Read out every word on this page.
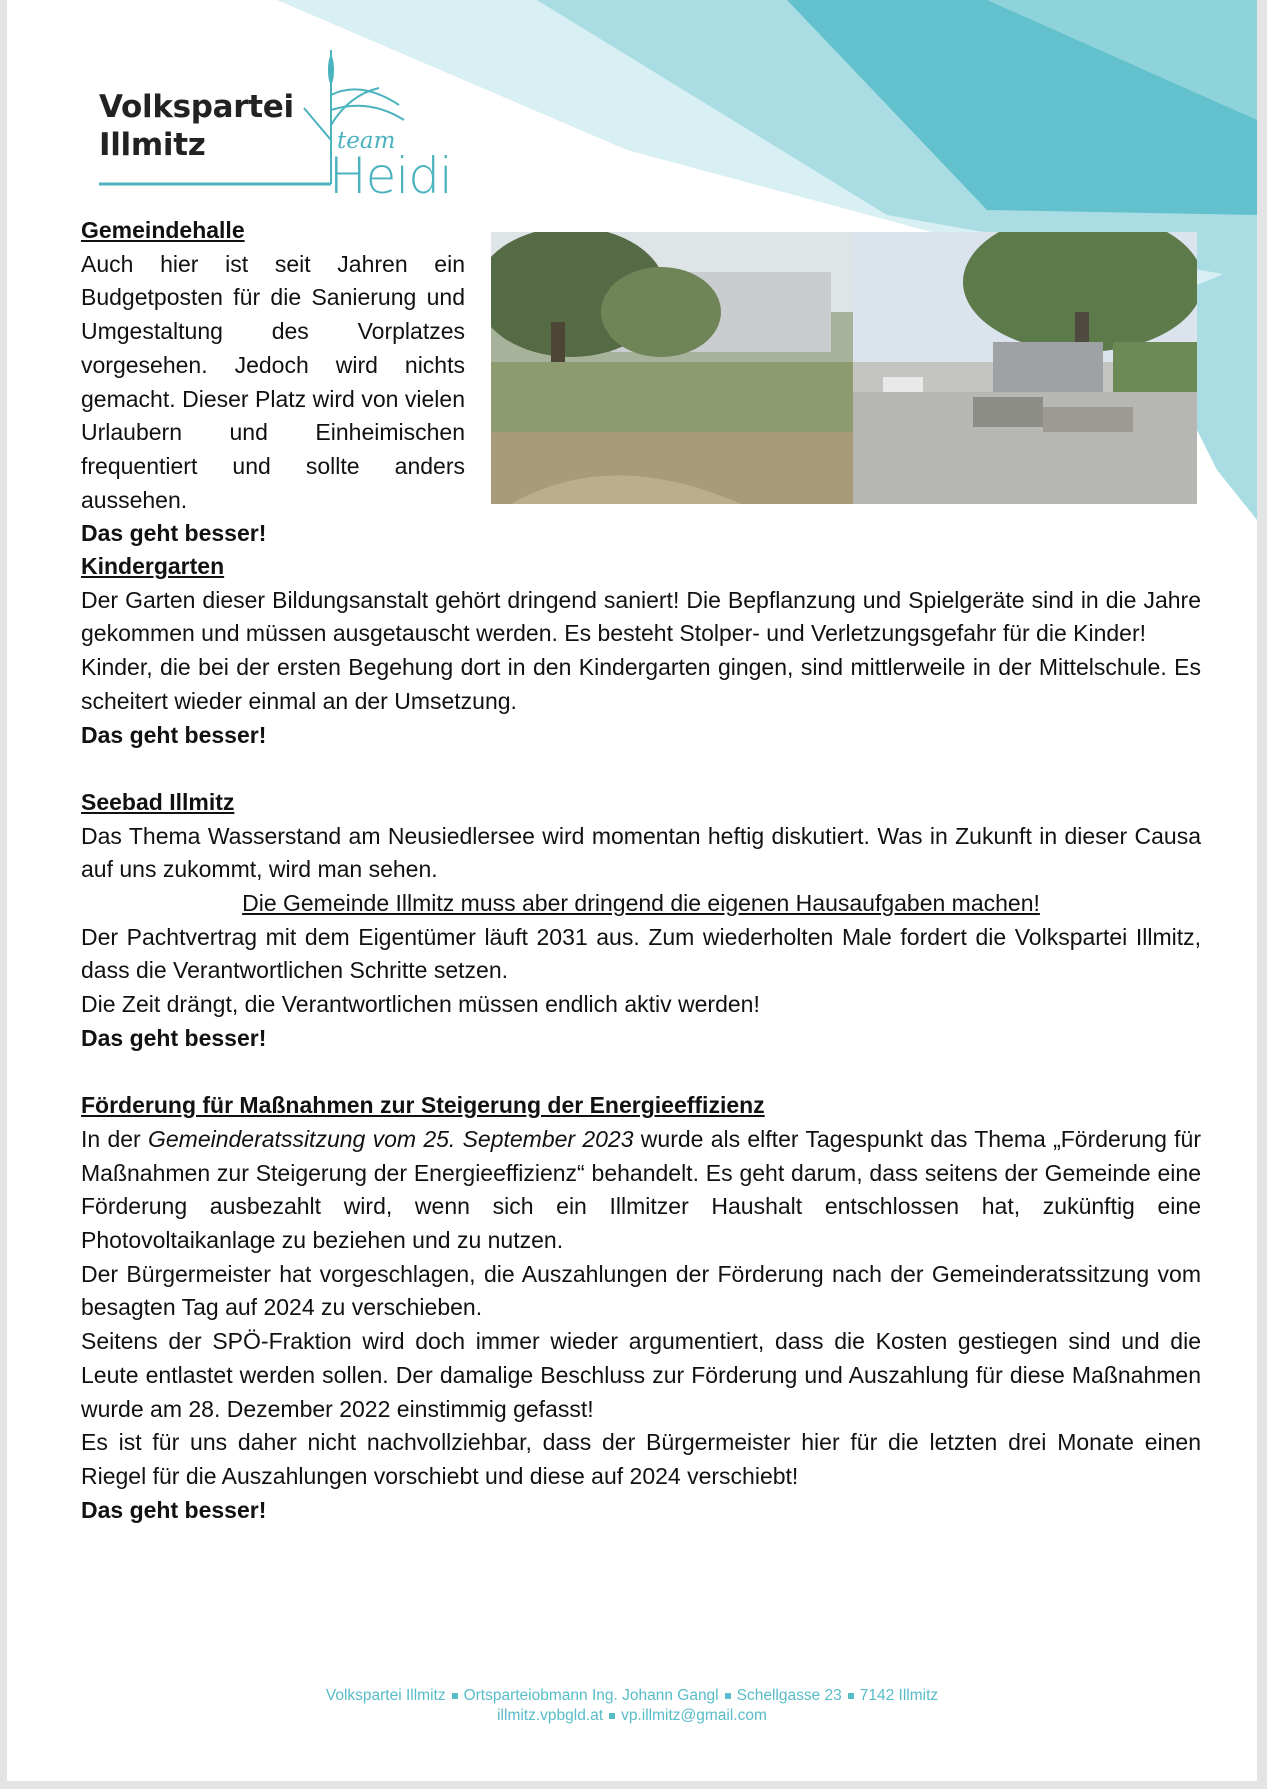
Volkspartei
Illmitz	team
Heidi
Gemeindehalle

Auch hier ist seit Jahren ein Budgetposten für die Sanierung und Umgestaltung des Vorplatzes vorgesehen. Jedoch wird nichts gemacht. Dieser Platz wird von vielen Urlaubern und Einheimischen frequentiert und sollte anders aussehen.

Das geht besser!
Kindergarten

Der Garten dieser Bildungsanstalt gehört dringend saniert! Die Bepflanzung und Spielgeräte sind in die Jahre gekommen und müssen ausgetauscht werden. Es besteht Stolper- und Verletzungsgefahr für die Kinder!

Kinder, die bei der ersten Begehung dort in den Kindergarten gingen, sind mittlerweile in der Mittelschule. Es scheitert wieder einmal an der Umsetzung.

Das geht besser!
Seebad Illmitz

Das Thema Wasserstand am Neusiedlersee wird momentan heftig diskutiert. Was in Zukunft in dieser Causa auf uns zukommt, wird man sehen.

Die Gemeinde Illmitz muss aber dringend die eigenen Hausaufgaben machen!

Der Pachtvertrag mit dem Eigentümer läuft 2031 aus. Zum wiederholten Male fordert die Volkspartei Illmitz, dass die Verantwortlichen Schritte setzen.

Die Zeit drängt, die Verantwortlichen müssen endlich aktiv werden!

Das geht besser!
Förderung für Maßnahmen zur Steigerung der Energieeffizienz

In der Gemeinderatssitzung vom 25. September 2023 wurde als elfter Tagespunkt das Thema „Förderung für Maßnahmen zur Steigerung der Energieeffizienz“ behandelt. Es geht darum, dass seitens der Gemeinde eine Förderung ausbezahlt wird, wenn sich ein Illmitzer Haushalt entschlossen hat, zukünftig eine Photovoltaikanlage zu beziehen und zu nutzen.

Der Bürgermeister hat vorgeschlagen, die Auszahlungen der Förderung nach der Gemeinderatssitzung vom besagten Tag auf 2024 zu verschieben.

Seitens der SPÖ-Fraktion wird doch immer wieder argumentiert, dass die Kosten gestiegen sind und die Leute entlastet werden sollen. Der damalige Beschluss zur Förderung und Auszahlung für diese Maßnahmen wurde am 28. Dezember 2022 einstimmig gefasst!

Es ist für uns daher nicht nachvollziehbar, dass der Bürgermeister hier für die letzten drei Monate einen Riegel für die Auszahlungen vorschiebt und diese auf 2024 verschiebt!

Das geht besser!
Volkspartei Illmitz Ortsparteiobmann Ing. Johann Gangl Schellgasse 23 7142 Illmitz
illmitz.vpbgld.at vp.illmitz@gmail.com
